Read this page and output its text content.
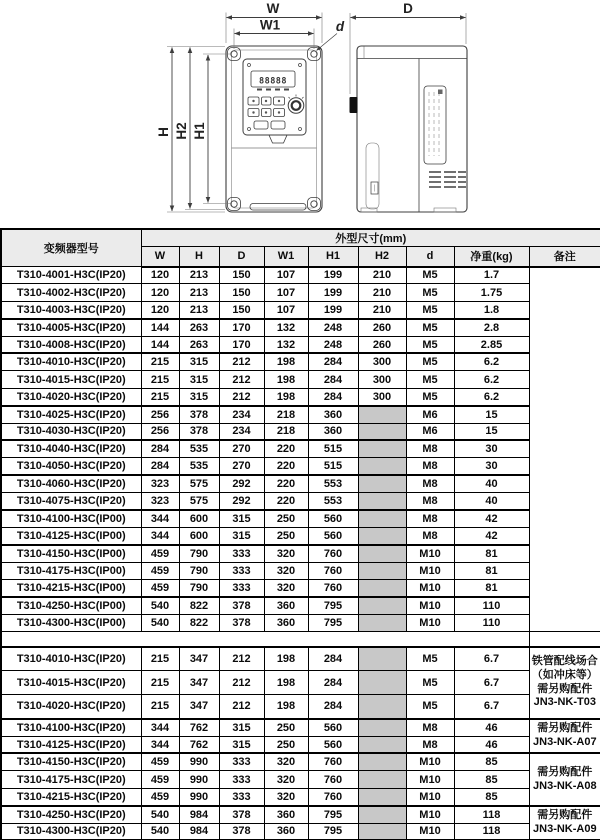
88888
W
W1	d
H H2 H1
D
变频器型号	外型尺寸(mm)								
	W	H	D	W1	H1	H2	d	净重(kg)	备注
T310-4001-H3C(IP20)	120	213	150	107	199	210	M5	1.7	
T310-4002-H3C(IP20)	120	213	150	107	199	210	M5	1.75	
T310-4003-H3C(IP20)	120	213	150	107	199	210	M5	1.8	
T310-4005-H3C(IP20)	144	263	170	132	248	260	M5	2.8	
T310-4008-H3C(IP20)	144	263	170	132	248	260	M5	2.85	
T310-4010-H3C(IP20)	215	315	212	198	284	300	M5	6.2	
T310-4015-H3C(IP20)	215	315	212	198	284	300	M5	6.2	
T310-4020-H3C(IP20)	215	315	212	198	284	300	M5	6.2	
T310-4025-H3C(IP20)	256	378	234	218	360		M6	15	
T310-4030-H3C(IP20)	256	378	234	218	360		M6	15	
T310-4040-H3C(IP20)	284	535	270	220	515		M8	30	
T310-4050-H3C(IP20)	284	535	270	220	515		M8	30	
T310-4060-H3C(IP20)	323	575	292	220	553		M8	40	
T310-4075-H3C(IP20)	323	575	292	220	553		M8	40	
T310-4100-H3C(IP00)	344	600	315	250	560		M8	42	
T310-4125-H3C(IP00)	344	600	315	250	560		M8	42	
T310-4150-H3C(IP00)	459	790	333	320	760		M10	81	
T310-4175-H3C(IP00)	459	790	333	320	760		M10	81	
T310-4215-H3C(IP00)	459	790	333	320	760		M10	81	
T310-4250-H3C(IP00)	540	822	378	360	795		M10	110	
T310-4300-H3C(IP00)	540	822	378	360	795		M10	110	

T310-4010-H3C(IP20)	215	347	212	198	284		M5	6.7	铁管配线场合
（如冲床等）
需另购配件
JN3-NK-T03

T310-4015-H3C(IP20)	215	347	212	198	284		M5	6.7	
T310-4020-H3C(IP20)	215	347	212	198	284		M5	6.7	
T310-4100-H3C(IP20)	344	762	315	250	560		M8	46	需另购配件
JN3-NK-A07

T310-4125-H3C(IP20)	344	762	315	250	560		M8	46	
T310-4150-H3C(IP20)	459	990	333	320	760		M10	85	需另购配件
JN3-NK-A08

T310-4175-H3C(IP20)	459	990	333	320	760		M10	85	
T310-4215-H3C(IP20)	459	990	333	320	760		M10	85	
T310-4250-H3C(IP20)	540	984	378	360	795		M10	118	需另购配件
JN3-NK-A09

T310-4300-H3C(IP20)	540	984	378	360	795		M10	118	
